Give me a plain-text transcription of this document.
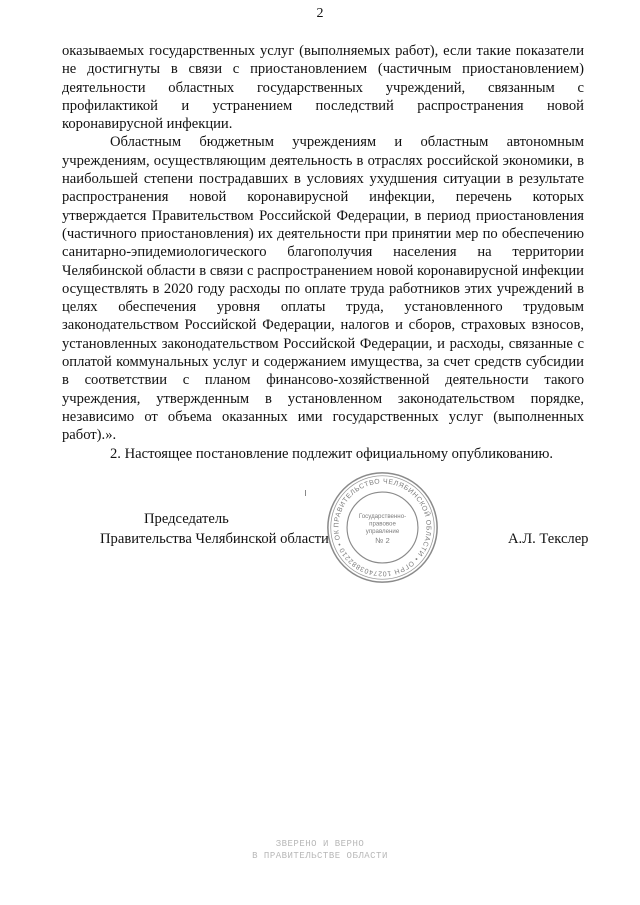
2

оказываемых государственных услуг (выполняемых работ), если такие показатели не достигнуты в связи с приостановлением (частичным приостановлением) деятельности областных государственных учреждений, связанным с профилактикой и устранением последствий распространения новой коронавирусной инфекции.

Областным бюджетным учреждениям и областным автономным учреждениям, осуществляющим деятельность в отраслях российской экономики, в наибольшей степени пострадавших в условиях ухудшения ситуации в результате распространения новой коронавирусной инфекции, перечень которых утверждается Правительством Российской Федерации, в период приостановления (частичного приостановления) их деятельности при принятии мер по обеспечению санитарно-эпидемиологического благополучия населения на территории Челябинской области в связи с распространением новой коронавирусной инфекции осуществлять в 2020 году расходы по оплате труда работников этих учреждений в целях обеспечения уровня оплаты труда, установленного трудовым законодательством Российской Федерации, налогов и сборов, страховых взносов, установленных законодательством Российской Федерации, и расходы, связанные с оплатой коммунальных услуг и содержанием имущества, за счет средств субсидии в соответствии с планом финансово-хозяйственной деятельности такого учреждения, утвержденным в установленном законодательством порядке, независимо от объема оказанных ими государственных услуг (выполненных работ).».

2. Настоящее постановление подлежит официальному опубликованию.

Председатель
Правительства Челябинской области	А.Л. Текслер
ПРАВИТЕЛЬСТВО ЧЕЛЯБИНСКОЙ ОБЛАСТИ • ОГРН 1027403882210 • ОК
Государственно-
правовое
управление
№ 2
ЗВЕРЕНО И ВЕРНО
В ПРАВИТЕЛЬСТВЕ ОБЛАСТИ
